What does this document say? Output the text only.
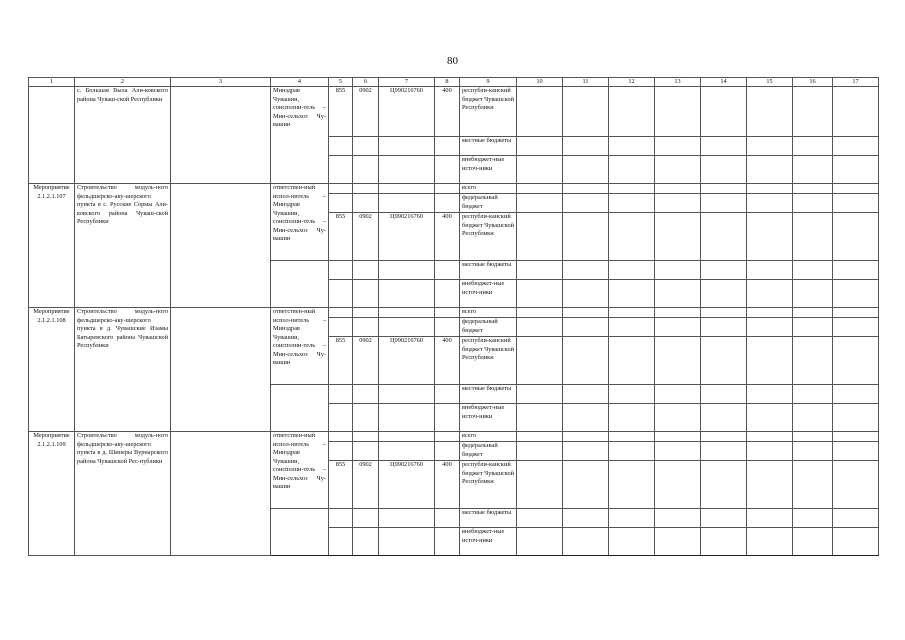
80
1	2	3	4	5	6	7	8	9	10	11	12	13	14	15	16	17
	с. Большая Выла Али-ковского района Чуваш-ской Республики		Минздрав Чувашии, соисполни-тель – Мин-сельхоз Чу-вашии	855	0902	Ц990216760	400	республи-канский бюджет Чувашской Республики								
								местные бюджеты								
								внебюджет-ные источ-ники								
Мероприятие 2.1.2.1.107	Строительство модуль-ного фельдшерско-аку-шерского пункта в с. Русские Сормы Али-ковского района Чуваш-ской Республики		ответствен-ный испол-нитель – Минздрав Чувашии, соисполни-тель – Мин-сельхоз Чу-вашии					всего								
								федеральный бюджет								
				855	0902	Ц990216760	400	республи-канский бюджет Чувашской Республики								
								местные бюджеты								
								внебюджет-ные источ-ники								
Мероприятие 2.1.2.1.108	Строительство модуль-ного фельдшерско-аку-шерского пункта в д. Чувашские Изамы Батыревского района Чувашской Республики		ответствен-ный испол-нитель – Минздрав Чувашии, соисполни-тель – Мин-сельхоз Чу-вашии					всего								
								федеральный бюджет								
				855	0902	Ц990216760	400	республи-канский бюджет Чувашской Республики								
								местные бюджеты								
								внебюджет-ные источ-ники								
Мероприятие 2.1.2.1.109	Строительство модуль-ного фельдшерско-аку-шерского пункта в д. Шинеры Вурнарского района Чувашской Рес-публики		ответствен-ный испол-нитель – Минздрав Чувашии, соисполни-тель – Мин-сельхоз Чу-вашии					всего								
								федеральный бюджет								
				855	0902	Ц990216760	400	республи-канский бюджет Чувашской Республики								
								местные бюджеты								
								внебюджет-ные источ-ники								
